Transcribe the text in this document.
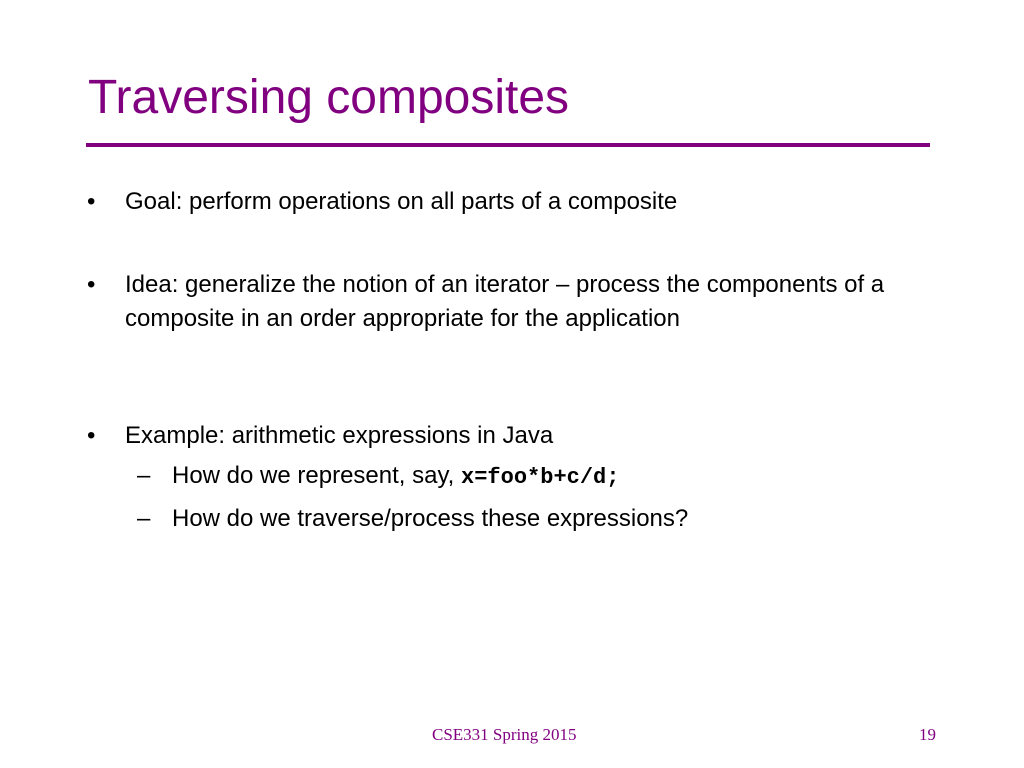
Traversing composites
• Goal: perform operations on all parts of a composite
• Idea: generalize the notion of an iterator – process the components of a composite in an order appropriate for the application
• Example: arithmetic expressions in Java
– How do we represent, say, x=foo*b+c/d;
– How do we traverse/process these expressions?
CSE331 Spring 2015	19
